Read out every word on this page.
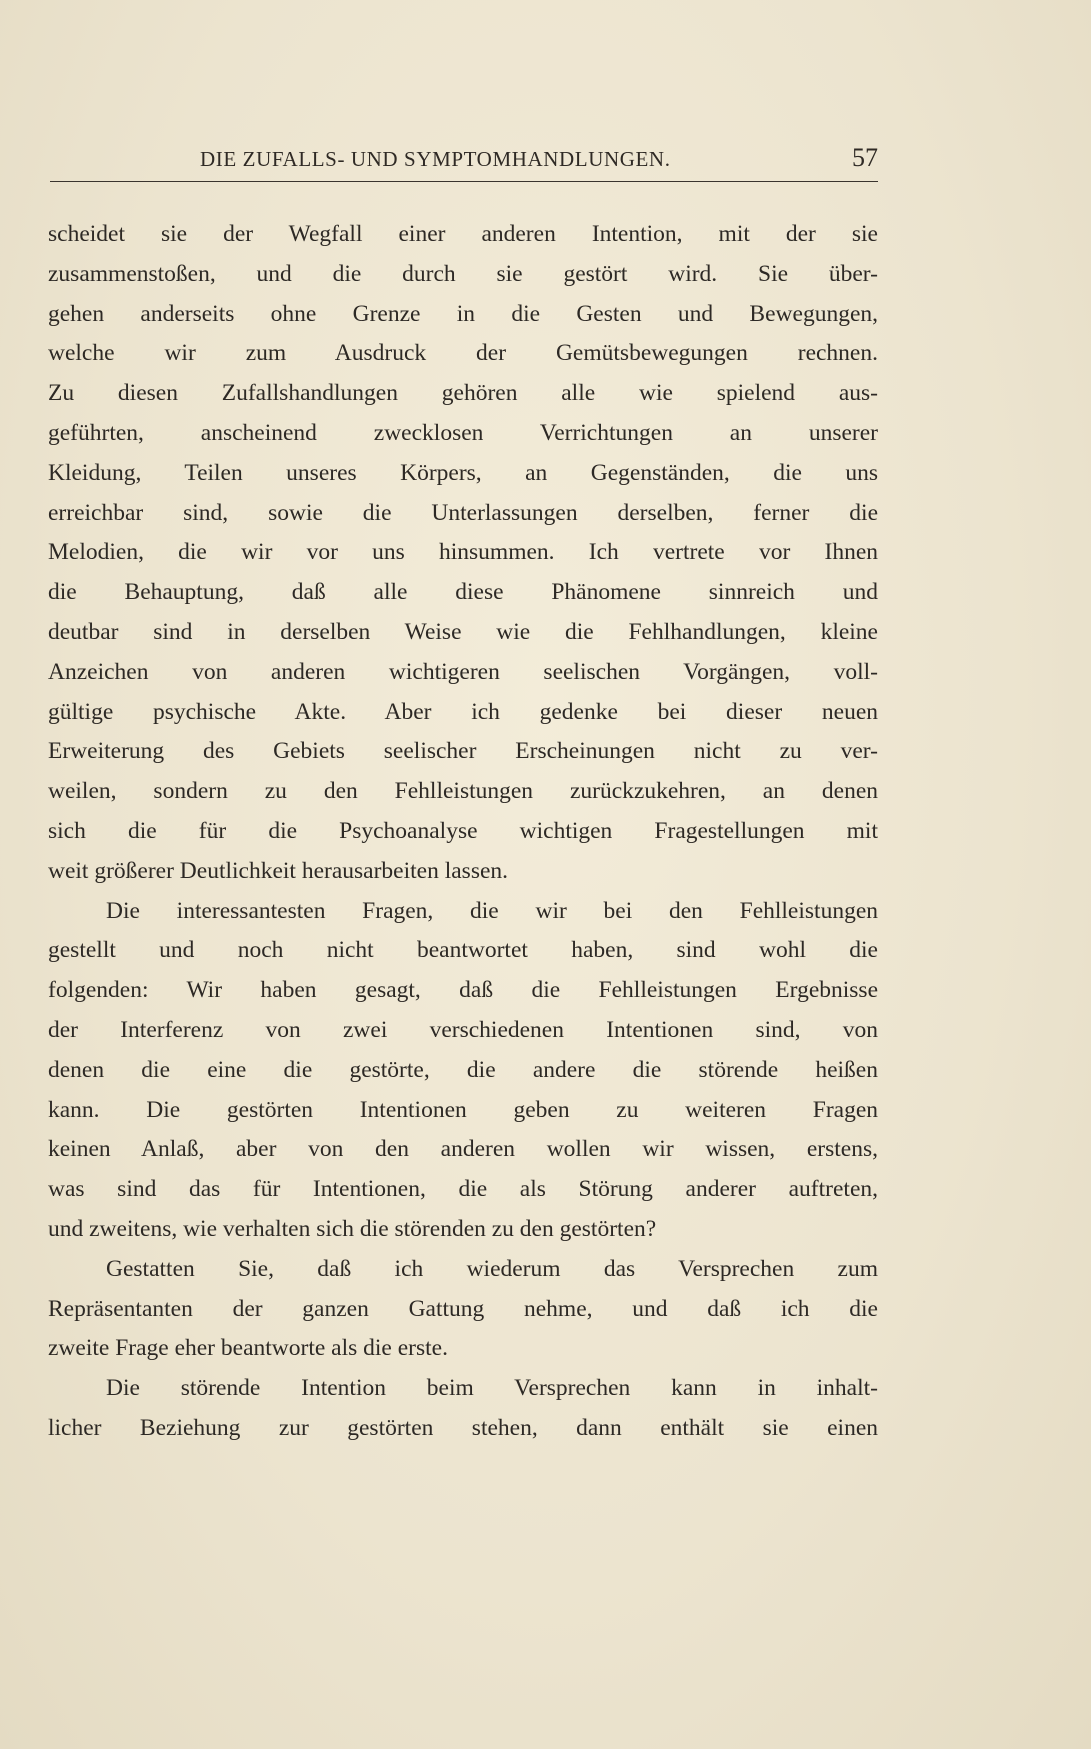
DIE ZUFALLS- UND SYMPTOMHANDLUNGEN.	57
scheidet sie der Wegfall einer anderen Intention, mit der sie
zusammenstoßen, und die durch sie gestört wird. Sie über-
gehen anderseits ohne Grenze in die Gesten und Bewegungen,
welche wir zum Ausdruck der Gemütsbewegungen rechnen.
Zu diesen Zufallshandlungen gehören alle wie spielend aus-
geführten, anscheinend zwecklosen Verrichtungen an unserer
Kleidung, Teilen unseres Körpers, an Gegenständen, die uns
erreichbar sind, sowie die Unterlassungen derselben, ferner die
Melodien, die wir vor uns hinsummen. Ich vertrete vor Ihnen
die Behauptung, daß alle diese Phänomene sinnreich und
deutbar sind in derselben Weise wie die Fehlhandlungen, kleine
Anzeichen von anderen wichtigeren seelischen Vorgängen, voll-
gültige psychische Akte. Aber ich gedenke bei dieser neuen
Erweiterung des Gebiets seelischer Erscheinungen nicht zu ver-
weilen, sondern zu den Fehlleistungen zurückzukehren, an denen
sich die für die Psychoanalyse wichtigen Fragestellungen mit
weit größerer Deutlichkeit herausarbeiten lassen.
Die interessantesten Fragen, die wir bei den Fehlleistungen
gestellt und noch nicht beantwortet haben, sind wohl die
folgenden: Wir haben gesagt, daß die Fehlleistungen Ergebnisse
der Interferenz von zwei verschiedenen Intentionen sind, von
denen die eine die gestörte, die andere die störende heißen
kann. Die gestörten Intentionen geben zu weiteren Fragen
keinen Anlaß, aber von den anderen wollen wir wissen, erstens,
was sind das für Intentionen, die als Störung anderer auftreten,
und zweitens, wie verhalten sich die störenden zu den gestörten?
Gestatten Sie, daß ich wiederum das Versprechen zum
Repräsentanten der ganzen Gattung nehme, und daß ich die
zweite Frage eher beantworte als die erste.
Die störende Intention beim Versprechen kann in inhalt-
licher Beziehung zur gestörten stehen, dann enthält sie einen
